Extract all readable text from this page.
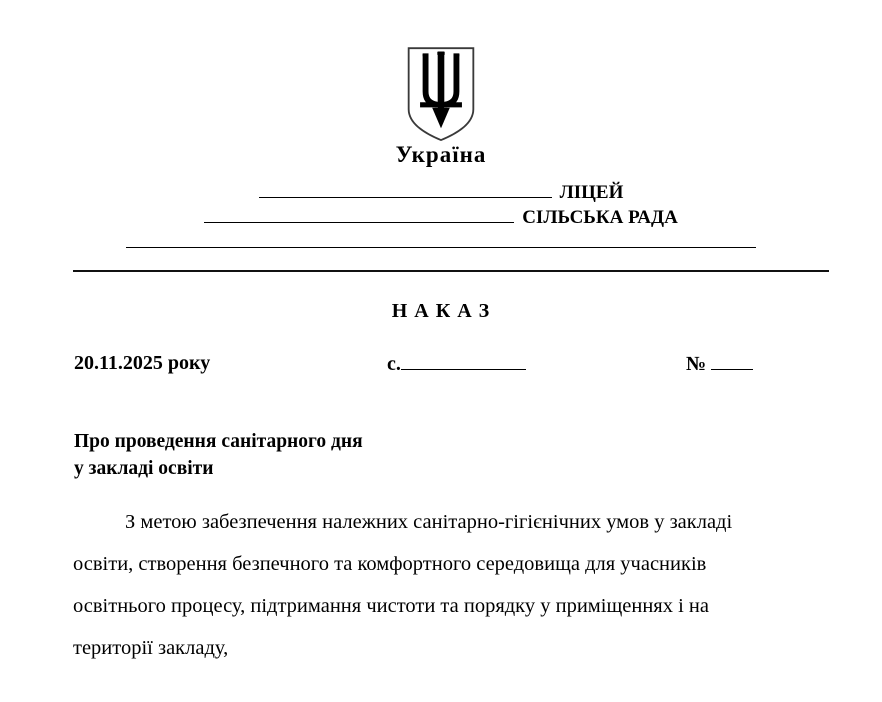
Україна
ЛІЦЕЙ
СІЛЬСЬКА РАДА
Н А К А З
20.11.2025 року	с.	№
Про проведення санітарного дня
у закладі освіти
З метою забезпечення належних санітарно-гігієнічних умов у закладі
освіти, створення безпечного та комфортного середовища для учасників
освітнього процесу, підтримання чистоти та порядку у приміщеннях і на
території закладу,
